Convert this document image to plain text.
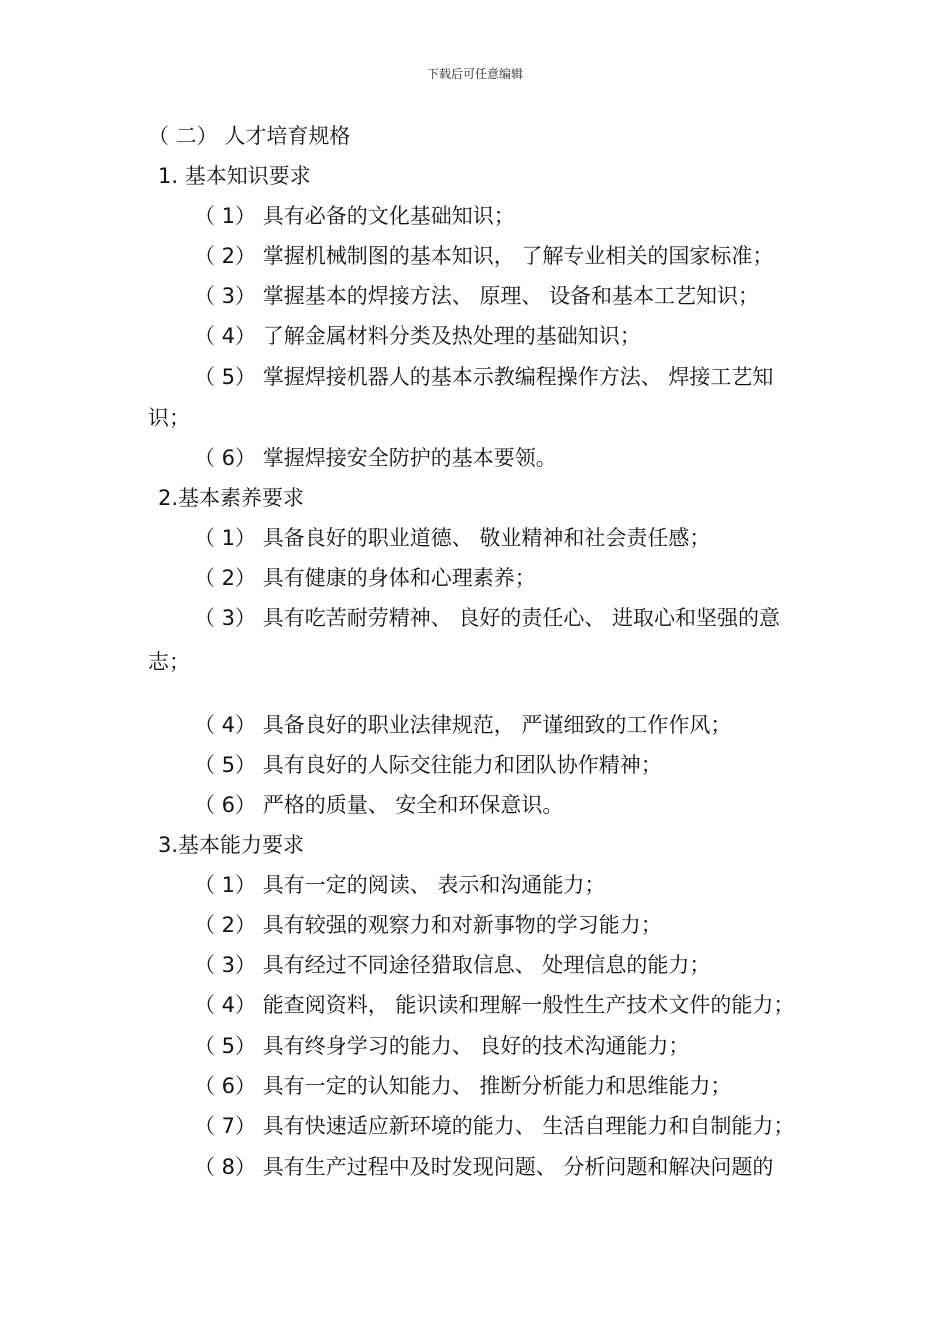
下载后可任意编辑
（ 二） 人才培育规格
1. 基本知识要求
（ 1） 具有必备的文化基础知识；
（ 2） 掌握机械制图的基本知识， 了解专业相关的国家标准；
（ 3） 掌握基本的焊接方法、 原理、 设备和基本工艺知识；
（ 4） 了解金属材料分类及热处理的基础知识；
（ 5） 掌握焊接机器人的基本示教编程操作方法、 焊接工艺知
识；
（ 6） 掌握焊接安全防护的基本要领。
2.基本素养要求
（ 1） 具备良好的职业道德、 敬业精神和社会责任感；
（ 2） 具有健康的身体和心理素养；
（ 3） 具有吃苦耐劳精神、 良好的责任心、 进取心和坚强的意
志；
（ 4） 具备良好的职业法律规范， 严谨细致的工作作风；
（ 5） 具有良好的人际交往能力和团队协作精神；
（ 6） 严格的质量、 安全和环保意识。
3.基本能力要求
（ 1） 具有一定的阅读、 表示和沟通能力；
（ 2） 具有较强的观察力和对新事物的学习能力；
（ 3） 具有经过不同途径猎取信息、 处理信息的能力；
（ 4） 能查阅资料， 能识读和理解一般性生产技术文件的能力；
（ 5） 具有终身学习的能力、 良好的技术沟通能力；
（ 6） 具有一定的认知能力、 推断分析能力和思维能力；
（ 7） 具有快速适应新环境的能力、 生活自理能力和自制能力；
（ 8） 具有生产过程中及时发现问题、 分析问题和解决问题的
